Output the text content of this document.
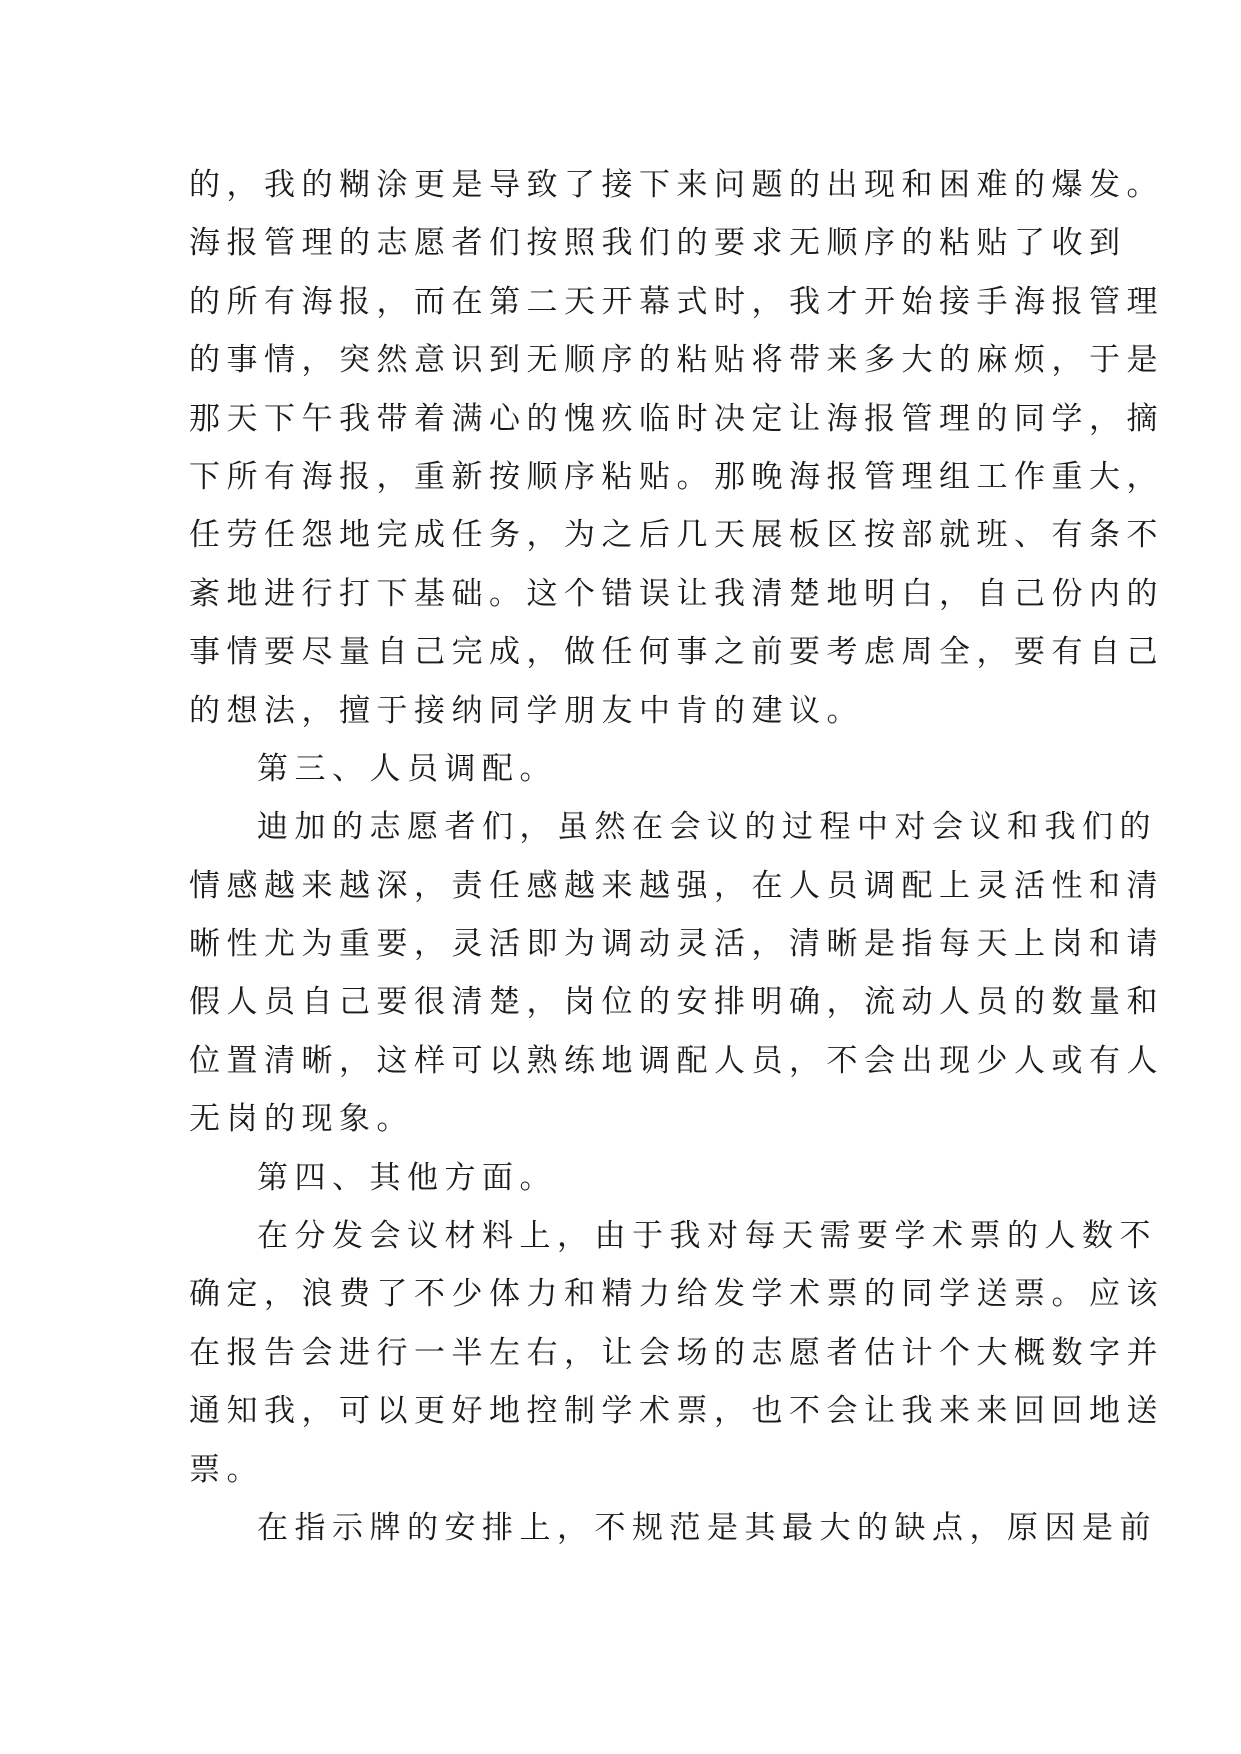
的，我的糊涂更是导致了接下来问题的出现和困难的爆发。
海报管理的志愿者们按照我们的要求无顺序的粘贴了收到
的所有海报，而在第二天开幕式时，我才开始接手海报管理
的事情，突然意识到无顺序的粘贴将带来多大的麻烦，于是
那天下午我带着满心的愧疚临时决定让海报管理的同学，摘
下所有海报，重新按顺序粘贴。那晚海报管理组工作重大，
任劳任怨地完成任务，为之后几天展板区按部就班、有条不
紊地进行打下基础。这个错误让我清楚地明白，自己份内的
事情要尽量自己完成，做任何事之前要考虑周全，要有自己
的想法，擅于接纳同学朋友中肯的建议。
第三、人员调配。
迪加的志愿者们，虽然在会议的过程中对会议和我们的
情感越来越深，责任感越来越强，在人员调配上灵活性和清
晰性尤为重要，灵活即为调动灵活，清晰是指每天上岗和请
假人员自己要很清楚，岗位的安排明确，流动人员的数量和
位置清晰，这样可以熟练地调配人员，不会出现少人或有人
无岗的现象。
第四、其他方面。
在分发会议材料上，由于我对每天需要学术票的人数不
确定，浪费了不少体力和精力给发学术票的同学送票。应该
在报告会进行一半左右，让会场的志愿者估计个大概数字并
通知我，可以更好地控制学术票，也不会让我来来回回地送
票。
在指示牌的安排上，不规范是其最大的缺点，原因是前
